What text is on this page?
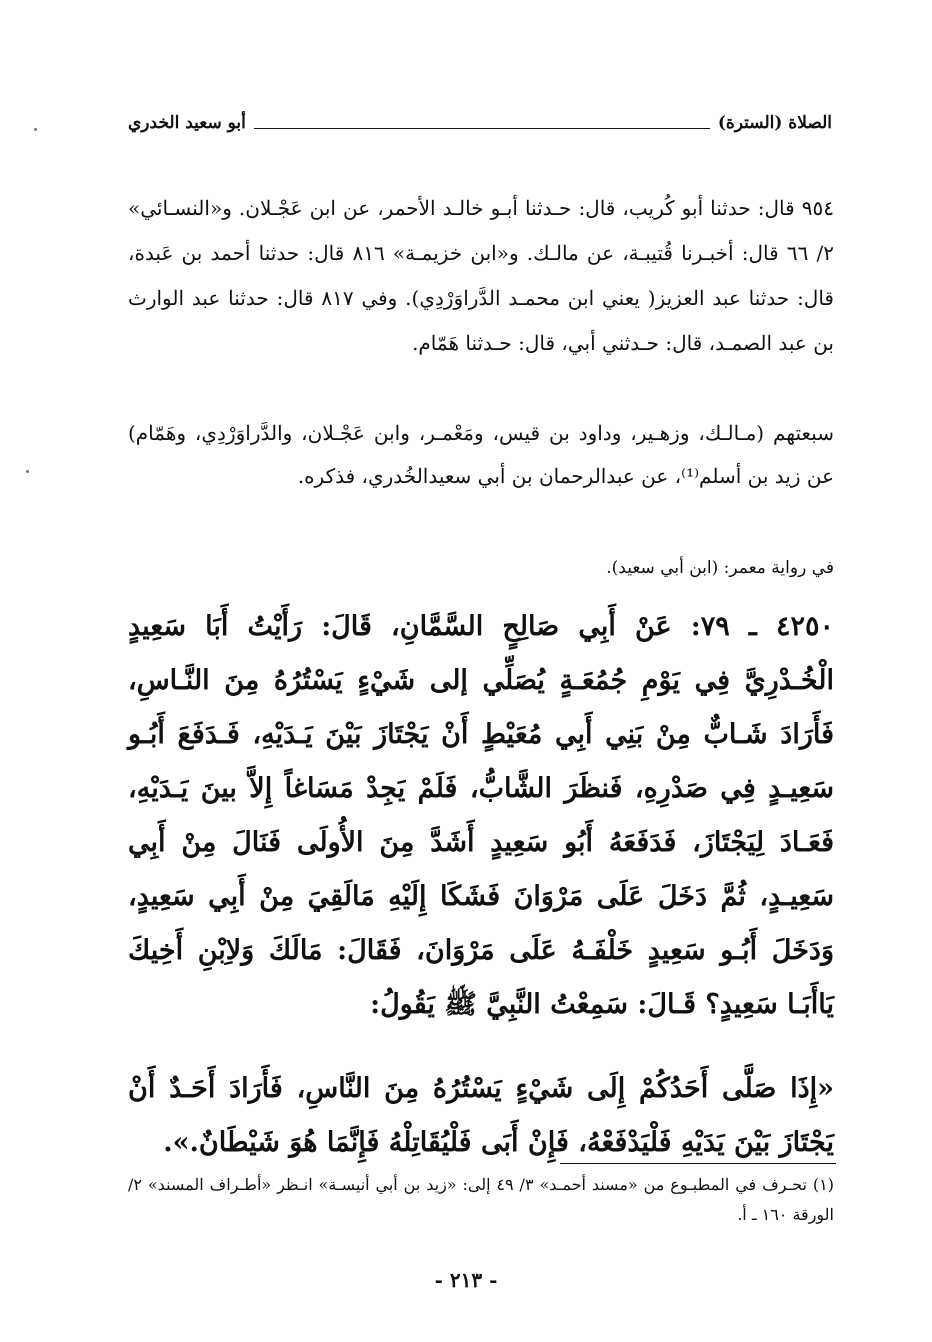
الصلاة (السترة)
أبو سعيد الخدري
٩٥٤ قال: حدثنا أبو كُريب، قال: حـدثنا أبـو خالـد الأحمر، عن ابن عَجْـلان. و«النسـائي» ٢/ ٦٦ قال: أخبـرنا قُتيبـة، عن مالـك. و«ابن خزيمـة» ٨١٦ قال: حدثنا أحمد بن عَبدة، قال: حدثنا عبد العزيز( يعني ابن محمـد الدَّراوَرْدِي). وفي ٨١٧ قال: حدثنا عبد الوارث بن عبد الصمـد، قال: حـدثني أبي، قال: حـدثنا هَمّام.
سبعتهم (مـالـك، وزهـير، وداود بن قيس، ومَعْمـر، وابن عَجْـلان، والدَّراوَرْدِي، وهَمّام) عن زيد بن أسلم⁽¹⁾، عن عبدالرحمان بن أبي سعيدالخُدري، فذكره.
في رواية معمر: (ابن أبي سعيد).
٤٢٥٠ ـ ٧٩: عَنْ أَبِي صَالِحٍ السَّمَّانِ، قَالَ: رَأَيْتُ أَبَا سَعِيدٍ الْخُـدْرِيَّ فِي يَوْمِ جُمُعَـةٍ يُصَلِّي إلى شَيْءٍ يَسْتُرُهُ مِنَ النَّـاسِ، فَأَرَادَ شَـابٌّ مِنْ بَنِي أَبِي مُعَيْطٍ أَنْ يَجْتَازَ بَيْنَ يَـدَيْهِ، فَـدَفَعَ أَبُـو سَعِيـدٍ فِي صَدْرِهِ، فَنظَرَ الشَّابُّ، فَلَمْ يَجِدْ مَسَاغاً إِلاَّ بينَ يَـدَيْهِ، فَعَـادَ لِيَجْتَازَ، فَدَفَعَهُ أَبُو سَعِيدٍ أَشَدَّ مِنَ الأُولَى فَنَالَ مِنْ أَبِي سَعِيـدٍ، ثُمَّ دَخَلَ عَلَى مَرْوَانَ فَشَكَا إِلَيْهِ مَالَقِيَ مِنْ أَبِي سَعِيدٍ، وَدَخَلَ أَبُـو سَعِيدٍ خَلْفَـهُ عَلَى مَرْوَانَ، فَقَالَ: مَالَكَ وَلاِبْنِ أَخِيكَ يَاأَبَـا سَعِيدٍ؟ قَـالَ: سَمِعْتُ النَّبِيَّ ﷺ يَقُولُ:
«إِذَا صَلَّى أَحَدُكُمْ إِلَى شَيْءٍ يَسْتُرُهُ مِنَ النَّاسِ، فَأَرَادَ أَحَـدٌ أَنْ يَجْتَازَ بَيْنَ يَدَيْهِ فَلْيَدْفَعْهُ، فَإِنْ أَبَى فَلْيُقَاتِلْهُ فَإِنَّمَا هُوَ شَيْطَانٌ.».
(١) تحـرف في المطبـوع من «مسند أحمـد» ٣/ ٤٩ إلى: «زيد بن أبي أنيسـة» انـظر «أطـراف المسند» ٢/الورقة ١٦٠ ـ أ.
- ٢١٣ -
